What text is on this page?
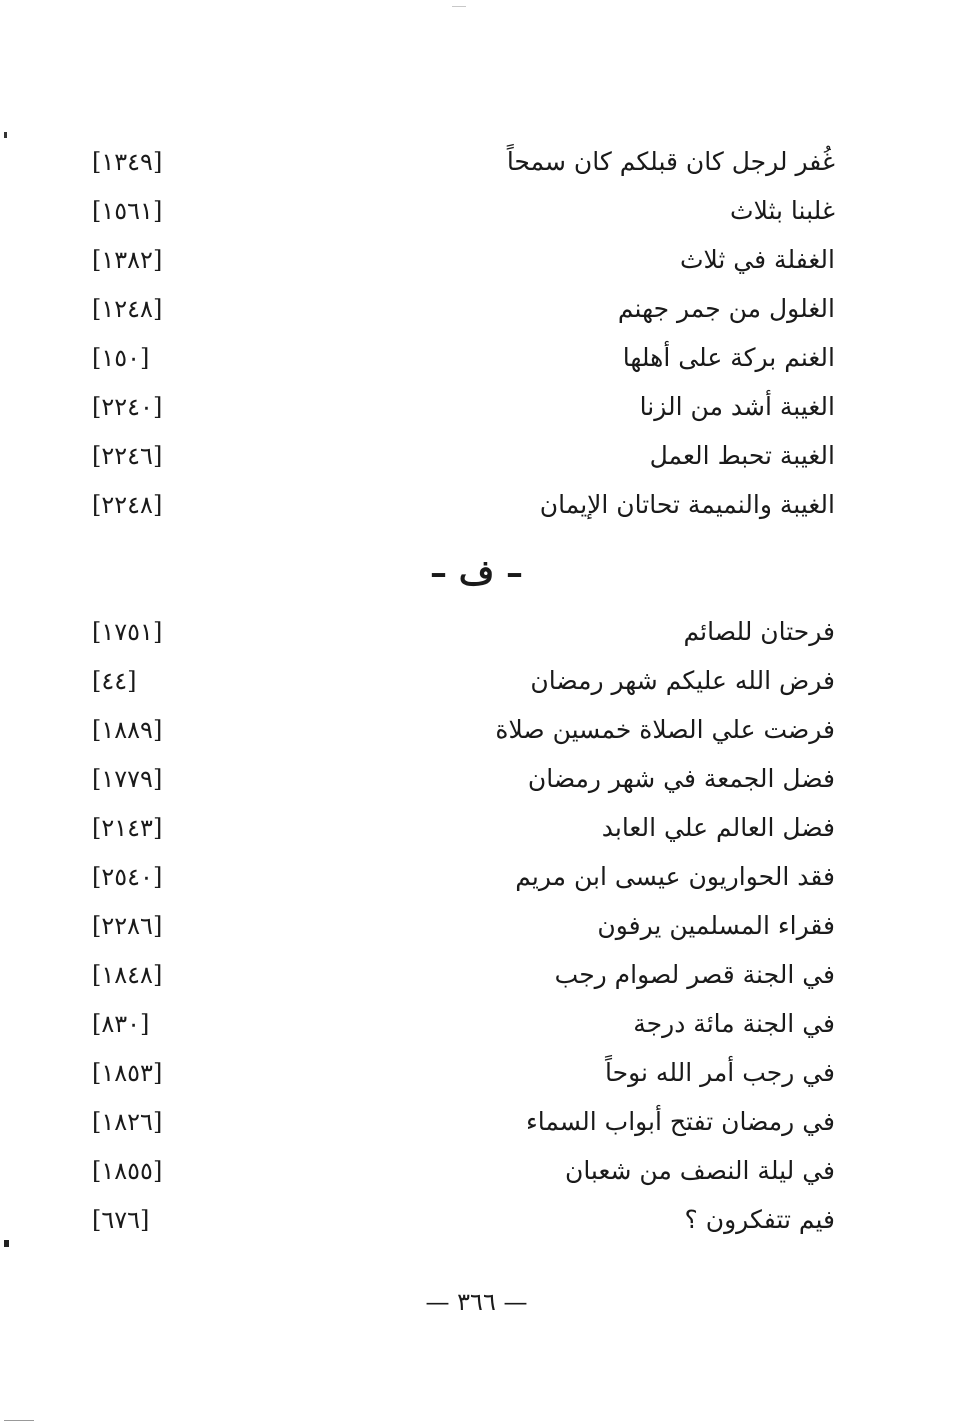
غُفر لرجل كان قبلكم كان سمحاً
[١٣٤٩]
غلبنا بثلاث
[١٥٦١]
الغفلة في ثلاث
[١٣٨٢]
الغلول من جمر جهنم
[١٢٤٨]
الغنم بركة على أهلها
[١٥٠]
الغيبة أشد من الزنا
[٢٢٤٠]
الغيبة تحبط العمل
[٢٢٤٦]
الغيبة والنميمة تحاتان الإيمان
[٢٢٤٨]
– ف –
فرحتان للصائم
[١٧٥١]
فرض الله عليكم شهر رمضان
[٤٤]
فرضت علي الصلاة خمسين صلاة
[١٨٨٩]
فضل الجمعة في شهر رمضان
[١٧٧٩]
فضل العالم علي العابد
[٢١٤٣]
فقد الحواريون عيسى ابن مريم
[٢٥٤٠]
فقراء المسلمين يرفون
[٢٢٨٦]
في الجنة قصر لصوام رجب
[١٨٤٨]
في الجنة مائة درجة
[٨٣٠]
في رجب أمر الله نوحاً
[١٨٥٣]
في رمضان تفتح أبواب السماء
[١٨٢٦]
في ليلة النصف من شعبان
[١٨٥٥]
فيم تتفكرون ؟
[٦٧٦]
— ٣٦٦ —
